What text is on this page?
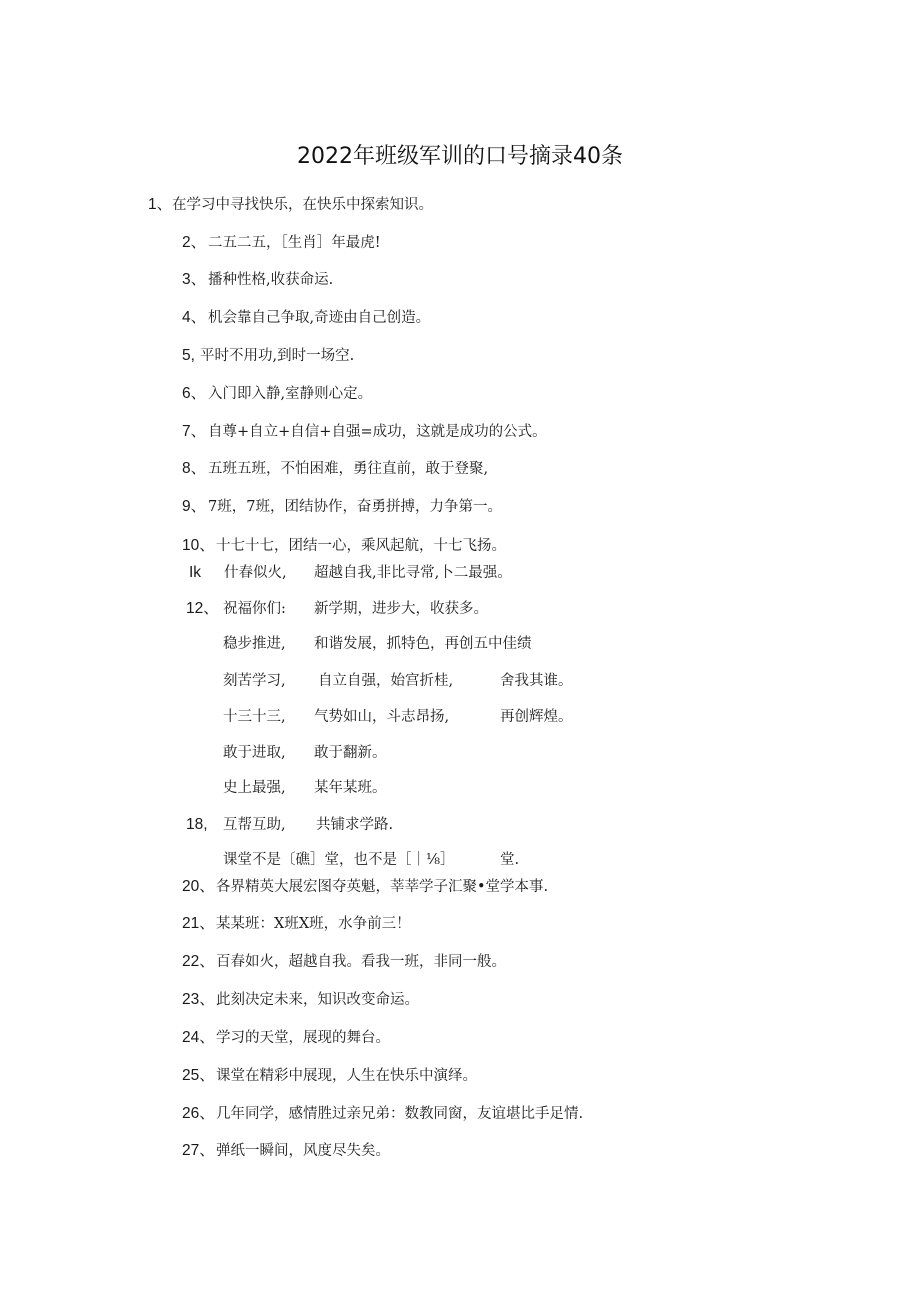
2022年班级军训的口号摘录40条
1、 在学习中寻找快乐，在快乐中探索知识。
2、 二五二五，［生肖］年最虎!
3、 播种性格,收获命运.
4、 机会靠自己争取,奇迹由自己创造。
5, 平时不用功,到时一场空.
6、 入门即入静,室静则心定。
7、 自尊+自立+自信+自强=成功，这就是成功的公式。
8、 五班五班，不怕困难，勇往直前，敢于登聚,
9、 7班，7班，团结协作，奋勇拼搏，力争第一。
10、 十七十七，团结一心，乘风起航，十七飞扬。
Ik 什春似火, 超越自我,非比寻常,卜二最强。
12、 祝福你们: 新学期，进步大，收获多。
稳步推进, 和谐发展，抓特色，再创五中佳绩
刻苦学习, 自立自强，始宫折桂,	舍我其谁。
十三十三, 气势如山，斗志昂扬,	再创辉煌。
敢于进取, 敢于翻新。
史上最强, 某年某班。
18, 互帮互助, 共铺求学路.
课堂不是〔礁］堂，也不是［｜⅛］	堂.
20、 各界精英大展宏图夺英魁，莘莘学子汇聚•堂学本事.
21、 某某班：X班X班，水争前三！
22、 百春如火，超越自我。看我一班，非同一般。
23、 此刻决定未来，知识改变命运。
24、 学习的天堂，展现的舞台。
25、 课堂在精彩中展现，人生在快乐中演绎。
26、 几年同学，感情胜过亲兄弟：数教同窗，友谊堪比手足情.
27、 弹纸一瞬间，风度尽失矣。
